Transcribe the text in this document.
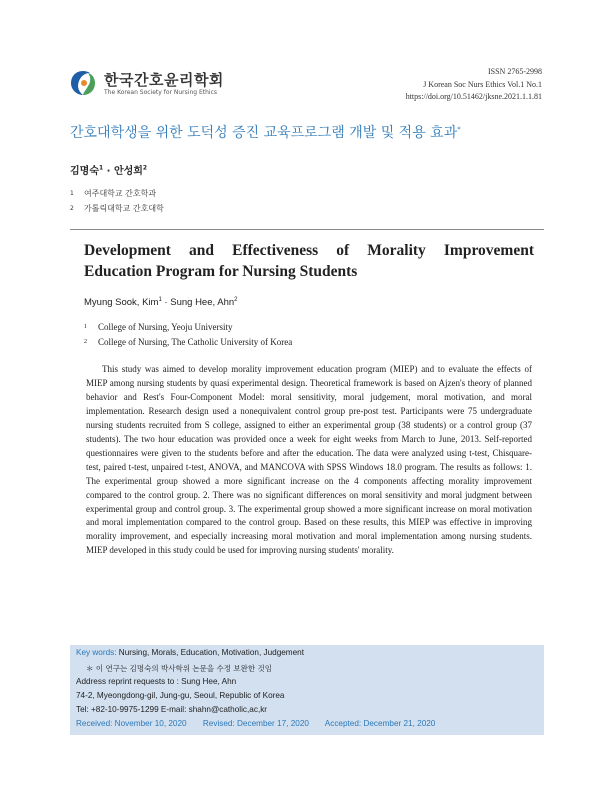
한국간호윤리학회
The Korean Society for Nursing Ethics
ISSN 2765-2998
J Korean Soc Nurs Ethics Vol.1 No.1
https://doi.org/10.51462/jksne.2021.1.1.81
간호대학생을 위한 도덕성 증진 교육프로그램 개발 및 적용 효과*
김명숙$^1$ · 안성희$^2$
1 여주대학교 간호학과
2 가톨릭대학교 간호대학
Development and Effectiveness of Morality Improvement Education Program for Nursing Students
Myung Sook, Kim$^1$ · Sung Hee, Ahn$^2$
1 College of Nursing, Yeoju University
2 College of Nursing, The Catholic University of Korea

This study was aimed to develop morality improvement education program (MIEP) and to evaluate the effects of MIEP among nursing students by quasi experimental design. Theoretical framework is based on Ajzen's theory of planned behavior and Rest's Four-Component Model: moral sensitivity, moral judgement, moral motivation, and moral implementation. Research design used a nonequivalent control group pre-post test. Participants were 75 undergraduate nursing students recruited from S college, assigned to either an experimental group (38 students) or a control group (37 students). The two hour education was provided once a week for eight weeks from March to June, 2013. Self-reported questionnaires were given to the students before and after the education. The data were analyzed using t-test, Chisquare-test, paired t-test, unpaired t-test, ANOVA, and MANCOVA with SPSS Windows 18.0 program. The results as follows: 1. The experimental group showed a more significant increase on the 4 components affecting morality improvement compared to the control group. 2. There was no significant differences on moral sensitivity and moral judgment between experimental group and control group. 3. The experimental group showed a more significant increase on moral motivation and moral implementation compared to the control group. Based on these results, this MIEP was effective in improving morality improvement, and especially increasing moral motivation and moral implementation among nursing students. MIEP developed in this study could be used for improving nursing students' morality.

Key words: Nursing, Morals, Education, Motivation, Judgement
＊ 이 연구는 김명숙의 박사학위 논문을 수정 보완한 것임
Address reprint requests to : Sung Hee, Ahn
74-2, Myeongdong-gil, Jung-gu, Seoul, Republic of Korea
Tel: +82-10-9975-1299 E-mail: shahn@catholic,ac,kr
Received: November 10, 2020 Revised: December 17, 2020 Accepted: December 21, 2020
